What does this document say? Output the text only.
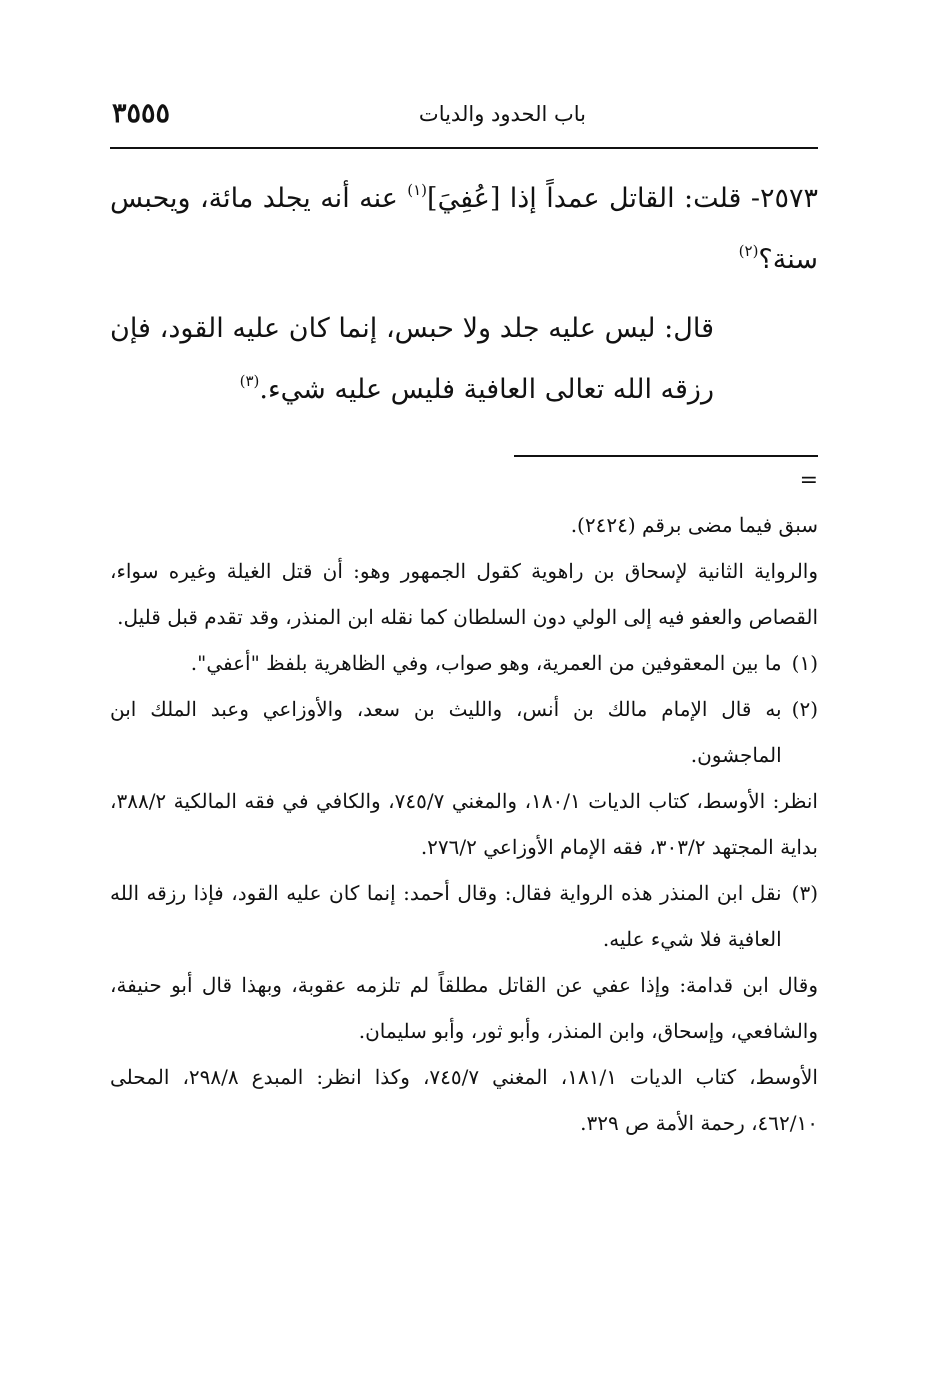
باب الحدود والديات
٣٥٥٥

٢٥٧٣- قلت: القاتل عمداً إذا [عُفِيَ]$^{(١)}$ عنه أنه يجلد مائة، ويحبس سنة؟$^{(٢)}$

قال: ليس عليه جلد ولا حبس، إنما كان عليه القود، فإن رزقه الله تعالى العافية فليس عليه شيء.$^{(٣)}$

=

سبق فيما مضى برقم (٢٤٢٤).

والرواية الثانية لإسحاق بن راهوية كقول الجمهور وهو: أن قتل الغيلة وغيره سواء، القصاص والعفو فيه إلى الولي دون السلطان كما نقله ابن المنذر، وقد تقدم قبل قليل.

(١)
ما بين المعقوفين من العمرية، وهو صواب، وفي الظاهرية بلفظ "أعفي".
(٢)
به قال الإمام مالك بن أنس، والليث بن سعد، والأوزاعي وعبد الملك ابن الماجشون.

انظر: الأوسط، كتاب الديات ١٨٠/١، والمغني ٧٤٥/٧، والكافي في فقه المالكية ٣٨٨/٢، بداية المجتهد ٣٠٣/٢، فقه الإمام الأوزاعي ٢٧٦/٢.

(٣)
نقل ابن المنذر هذه الرواية فقال: وقال أحمد: إنما كان عليه القود، فإذا رزقه الله العافية فلا شيء عليه.

وقال ابن قدامة: وإذا عفي عن القاتل مطلقاً لم تلزمه عقوبة، وبهذا قال أبو حنيفة، والشافعي، وإسحاق، وابن المنذر، وأبو ثور، وأبو سليمان.

الأوسط، كتاب الديات ١٨١/١، المغني ٧٤٥/٧، وكذا انظر: المبدع ٢٩٨/٨، المحلى ٤٦٢/١٠، رحمة الأمة ص ٣٢٩.
